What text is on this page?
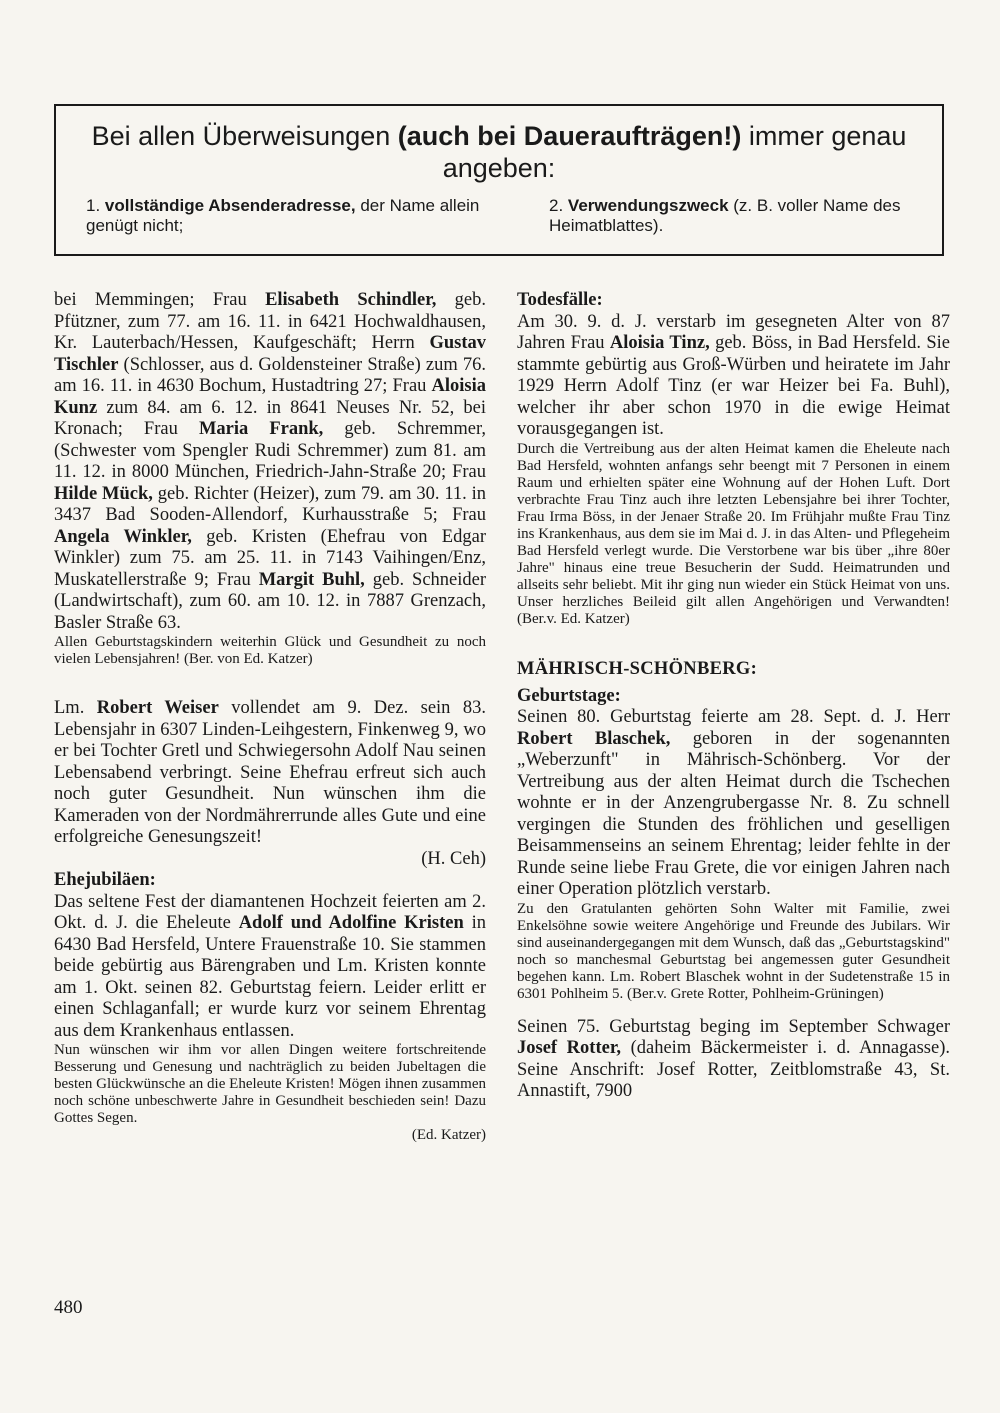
Bei allen Überweisungen (auch bei Daueraufträgen!) immer genau angeben:
1. vollständige Absenderadresse, der Name allein genügt nicht;
2. Verwendungszweck (z. B. voller Name des Heimatblattes).

bei Memmingen; Frau Elisabeth Schindler, geb. Pfützner, zum 77. am 16. 11. in 6421 Hochwaldhausen, Kr. Lauterbach/Hessen, Kaufgeschäft; Herrn Gustav Tischler (Schlosser, aus d. Goldensteiner Straße) zum 76. am 16. 11. in 4630 Bochum, Hustadtring 27; Frau Aloisia Kunz zum 84. am 6. 12. in 8641 Neuses Nr. 52, bei Kronach; Frau Maria Frank, geb. Schremmer, (Schwester vom Spengler Rudi Schremmer) zum 81. am 11. 12. in 8000 München, Friedrich-Jahn-Straße 20; Frau Hilde Mück, geb. Richter (Heizer), zum 79. am 30. 11. in 3437 Bad Sooden-Allendorf, Kurhausstraße 5; Frau Angela Winkler, geb. Kristen (Ehefrau von Edgar Winkler) zum 75. am 25. 11. in 7143 Vaihingen/Enz, Muskatellerstraße 9; Frau Margit Buhl, geb. Schneider (Landwirtschaft), zum 60. am 10. 12. in 7887 Grenzach, Basler Straße 63.

Allen Geburtstagskindern weiterhin Glück und Gesundheit zu noch vielen Lebensjahren! (Ber. von Ed. Katzer)

Lm. Robert Weiser vollendet am 9. Dez. sein 83. Lebensjahr in 6307 Linden-Leihgestern, Finkenweg 9, wo er bei Tochter Gretl und Schwiegersohn Adolf Nau seinen Lebensabend verbringt. Seine Ehefrau erfreut sich auch noch guter Gesundheit. Nun wünschen ihm die Kameraden von der Nordmährerrunde alles Gute und eine erfolgreiche Genesungszeit!
(H. Ceh)

Ehejubiläen:

Das seltene Fest der diamantenen Hochzeit feierten am 2. Okt. d. J. die Eheleute Adolf und Adolfine Kristen in 6430 Bad Hersfeld, Untere Frauenstraße 10. Sie stammen beide gebürtig aus Bärengraben und Lm. Kristen konnte am 1. Okt. seinen 82. Geburtstag feiern. Leider erlitt er einen Schlaganfall; er wurde kurz vor seinem Ehrentag aus dem Krankenhaus entlassen.

Nun wünschen wir ihm vor allen Dingen weitere fortschreitende Besserung und Genesung und nachträglich zu beiden Jubeltagen die besten Glückwünsche an die Eheleute Kristen! Mögen ihnen zusammen noch schöne unbeschwerte Jahre in Gesundheit beschieden sein! Dazu Gottes Segen.
(Ed. Katzer)

Todesfälle:

Am 30. 9. d. J. verstarb im gesegneten Alter von 87 Jahren Frau Aloisia Tinz, geb. Böss, in Bad Hersfeld. Sie stammte gebürtig aus Groß-Würben und heiratete im Jahr 1929 Herrn Adolf Tinz (er war Heizer bei Fa. Buhl), welcher ihr aber schon 1970 in die ewige Heimat vorausgegangen ist.

Durch die Vertreibung aus der alten Heimat kamen die Eheleute nach Bad Hersfeld, wohnten anfangs sehr beengt mit 7 Personen in einem Raum und erhielten später eine Wohnung auf der Hohen Luft. Dort verbrachte Frau Tinz auch ihre letzten Lebensjahre bei ihrer Tochter, Frau Irma Böss, in der Jenaer Straße 20. Im Frühjahr mußte Frau Tinz ins Krankenhaus, aus dem sie im Mai d. J. in das Alten- und Pflegeheim Bad Hersfeld verlegt wurde. Die Verstorbene war bis über „ihre 80er Jahre" hinaus eine treue Besucherin der Sudd. Heimatrunden und allseits sehr beliebt. Mit ihr ging nun wieder ein Stück Heimat von uns. Unser herzliches Beileid gilt allen Angehörigen und Verwandten! (Ber.v. Ed. Katzer)

MÄHRISCH-SCHÖNBERG:

Geburtstage:

Seinen 80. Geburtstag feierte am 28. Sept. d. J. Herr Robert Blaschek, geboren in der sogenannten „Weberzunft" in Mährisch-Schönberg. Vor der Vertreibung aus der alten Heimat durch die Tschechen wohnte er in der Anzengrubergasse Nr. 8. Zu schnell vergingen die Stunden des fröhlichen und geselligen Beisammenseins an seinem Ehrentag; leider fehlte in der Runde seine liebe Frau Grete, die vor einigen Jahren nach einer Operation plötzlich verstarb.

Zu den Gratulanten gehörten Sohn Walter mit Familie, zwei Enkelsöhne sowie weitere Angehörige und Freunde des Jubilars. Wir sind auseinandergegangen mit dem Wunsch, daß das „Geburtstagskind" noch so manchesmal Geburtstag bei angemessen guter Gesundheit begehen kann. Lm. Robert Blaschek wohnt in der Sudetenstraße 15 in 6301 Pohlheim 5. (Ber.v. Grete Rotter, Pohlheim-Grüningen)

Seinen 75. Geburtstag beging im September Schwager Josef Rotter, (daheim Bäckermeister i. d. Annagasse). Seine Anschrift: Josef Rotter, Zeitblomstraße 43, St. Annastift, 7900

480
